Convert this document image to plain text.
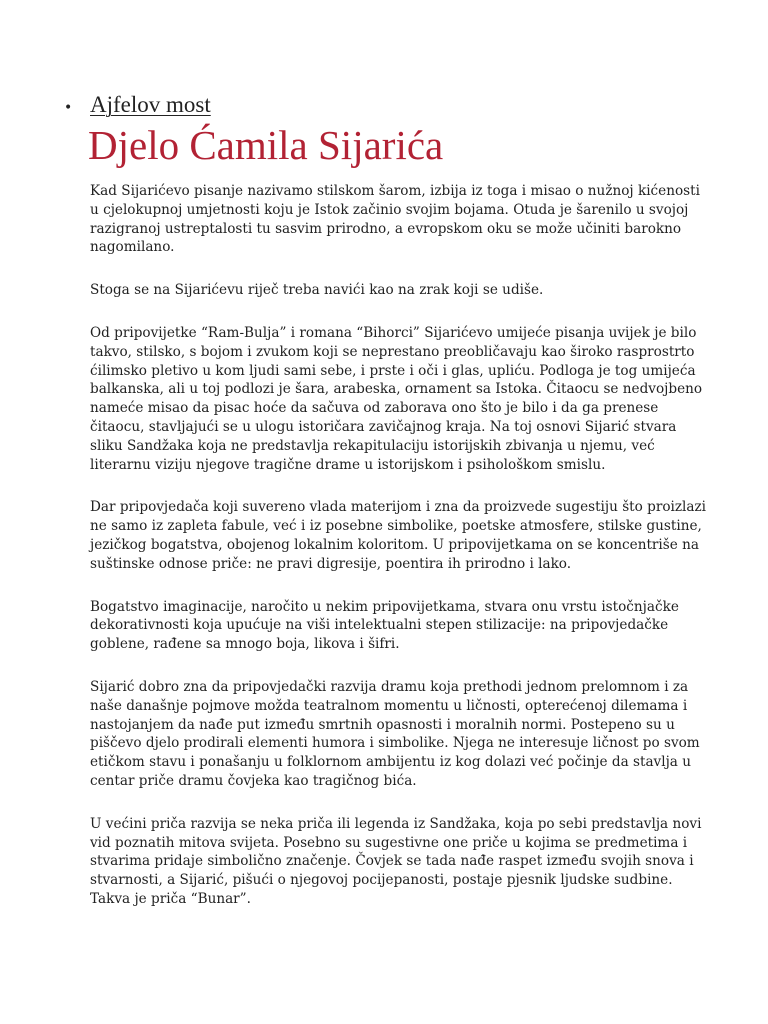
• Ajfelov most
Djelo Ćamila Sijarića

Kad Sijarićevo pisanje nazivamo stilskom šarom, izbija iz toga i misao o nužnoj kićenosti u cjelokupnoj umjetnosti koju je Istok začinio svojim bojama. Otuda je šarenilo u svojoj razigranoj ustreptalosti tu sasvim prirodno, a evropskom oku se može učiniti barokno nagomilano.

Stoga se na Sijarićevu riječ treba navići kao na zrak koji se udiše.

Od pripovijetke “Ram-Bulja” i romana “Bihorci” Sijarićevo umijeće pisanja uvijek je bilo takvo, stilsko, s bojom i zvukom koji se neprestano preobličavaju kao široko rasprostrto ćilimsko pletivo u kom ljudi sami sebe, i prste i oči i glas, upliću. Podloga je tog umijeća balkanska, ali u toj podlozi je šara, arabeska, ornament sa Istoka. Čitaocu se nedvojbeno nameće misao da pisac hoće da sačuva od zaborava ono što je bilo i da ga prenese čitaocu, stavljajući se u ulogu istoričara zavičajnog kraja. Na toj osnovi Sijarić stvara sliku Sandžaka koja ne predstavlja rekapitulaciju istorijskih zbivanja u njemu, već literarnu viziju njegove tragične drame u istorijskom i psihološkom smislu.

Dar pripovjedača koji suvereno vlada materijom i zna da proizvede sugestiju što proizlazi ne samo iz zapleta fabule, već i iz posebne simbolike, poetske atmosfere, stilske gustine, jezičkog bogatstva, obojenog lokalnim koloritom. U pripovijetkama on se koncentriše na suštinske odnose priče: ne pravi digresije, poentira ih prirodno i lako.

Bogatstvo imaginacije, naročito u nekim pripovijetkama, stvara onu vrstu istočnjačke dekorativnosti koja upućuje na viši intelektualni stepen stilizacije: na pripovjedačke goblene, rađene sa mnogo boja, likova i šifri.

Sijarić dobro zna da pripovjedački razvija dramu koja prethodi jednom prelomnom i za naše današnje pojmove možda teatralnom momentu u ličnosti, opterećenoj dilemama i nastojanjem da nađe put između smrtnih opasnosti i moralnih normi. Postepeno su u piščevo djelo prodirali elementi humora i simbolike. Njega ne interesuje ličnost po svom etičkom stavu i ponašanju u folklornom ambijentu iz kog dolazi već počinje da stavlja u centar priče dramu čovjeka kao tragičnog bića.

U većini priča razvija se neka priča ili legenda iz Sandžaka, koja po sebi predstavlja novi vid poznatih mitova svijeta. Posebno su sugestivne one priče u kojima se predmetima i stvarima pridaje simbolično značenje. Čovjek se tada nađe raspet između svojih snova i stvarnosti, a Sijarić, pišući o njegovoj pocijepanosti, postaje pjesnik ljudske sudbine. Takva je priča “Bunar”.
